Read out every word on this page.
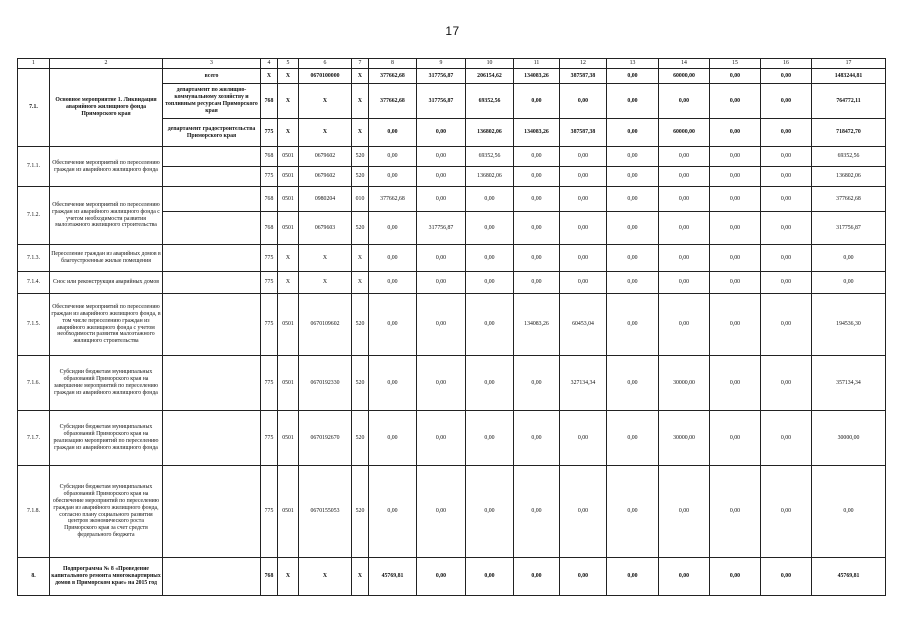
17
1	2	3	4	5	6	7	8	9	10	11	12	13	14	15	16	17
7.1.	Основное мероприятие 1. Ликвидация аварийного жилищного фонда Приморского края	всего	Х	Х	0670100000	Х	377662,68	317756,87	206154,62	134083,26	387587,38	0,00	60000,00	0,00	0,00	1483244,81
		департамент по жилищно-коммунальному хозяйству и топливным ресурсам Приморского края	768	Х	Х	Х	377662,68	317756,87	69352,56	0,00	0,00	0,00	0,00	0,00	0,00	764772,11
		департамент градостроительства Приморского края	775	Х	Х	Х	0,00	0,00	136802,06	134083,26	387587,38	0,00	60000,00	0,00	0,00	718472,70
7.1.1.	Обеспечение мероприятий по переселению граждан из аварийного жилищного фонда		768	0501	0679602	520	0,00	0,00	69352,56	0,00	0,00	0,00	0,00	0,00	0,00	69352,56
			775	0501	0679602	520	0,00	0,00	136802,06	0,00	0,00	0,00	0,00	0,00	0,00	136802,06
7.1.2.	Обеспечение мероприятий по переселению граждан из аварийного жилищного фонда с учетом необходимости развития малоэтажного жилищного строительства		768	0501	0980204	010	377662,68	0,00	0,00	0,00	0,00	0,00	0,00	0,00	0,00	377662,68
			768	0501	0679603	520	0,00	317756,87	0,00	0,00	0,00	0,00	0,00	0,00	0,00	317756,87
7.1.3.	Переселение граждан из аварийных домов в благоустроенные жилые помещения		775	Х	Х	Х	0,00	0,00	0,00	0,00	0,00	0,00	0,00	0,00	0,00	0,00
7.1.4.	Снос или реконструкция аварийных домов		775	Х	Х	Х	0,00	0,00	0,00	0,00	0,00	0,00	0,00	0,00	0,00	0,00
7.1.5.	Обеспечение мероприятий по переселению граждан из аварийного жилищного фонда, в том числе переселению граждан из аварийного жилищного фонда с учетом необходимости развития малоэтажного жилищного строительства		775	0501	0670109602	520	0,00	0,00	0,00	134083,26	60453,04	0,00	0,00	0,00	0,00	194536,30
7.1.6.	Субсидии бюджетам муниципальных образований Приморского края на завершение мероприятий по переселению граждан из аварийного жилищного фонда		775	0501	0670192330	520	0,00	0,00	0,00	0,00	327134,34	0,00	30000,00	0,00	0,00	357134,34
7.1.7.	Субсидии бюджетам муниципальных образований Приморского края на реализацию мероприятий по переселению граждан из аварийного жилищного фонда		775	0501	0670192670	520	0,00	0,00	0,00	0,00	0,00	0,00	30000,00	0,00	0,00	30000,00
7.1.8.	Субсидии бюджетам муниципальных образований Приморского края на обеспечение мероприятий по переселению граждан из аварийного жилищного фонда, согласно плану социального развития центров экономического роста Приморского края за счет средств федерального бюджета		775	0501	0670155053	520	0,00	0,00	0,00	0,00	0,00	0,00	0,00	0,00	0,00	0,00
8.	Подпрограмма № 8 «Проведение капитального ремонта многоквартирных домов в Приморском крае» на 2015 год		768	Х	Х	Х	45769,81	0,00	0,00	0,00	0,00	0,00	0,00	0,00	0,00	45769,81
